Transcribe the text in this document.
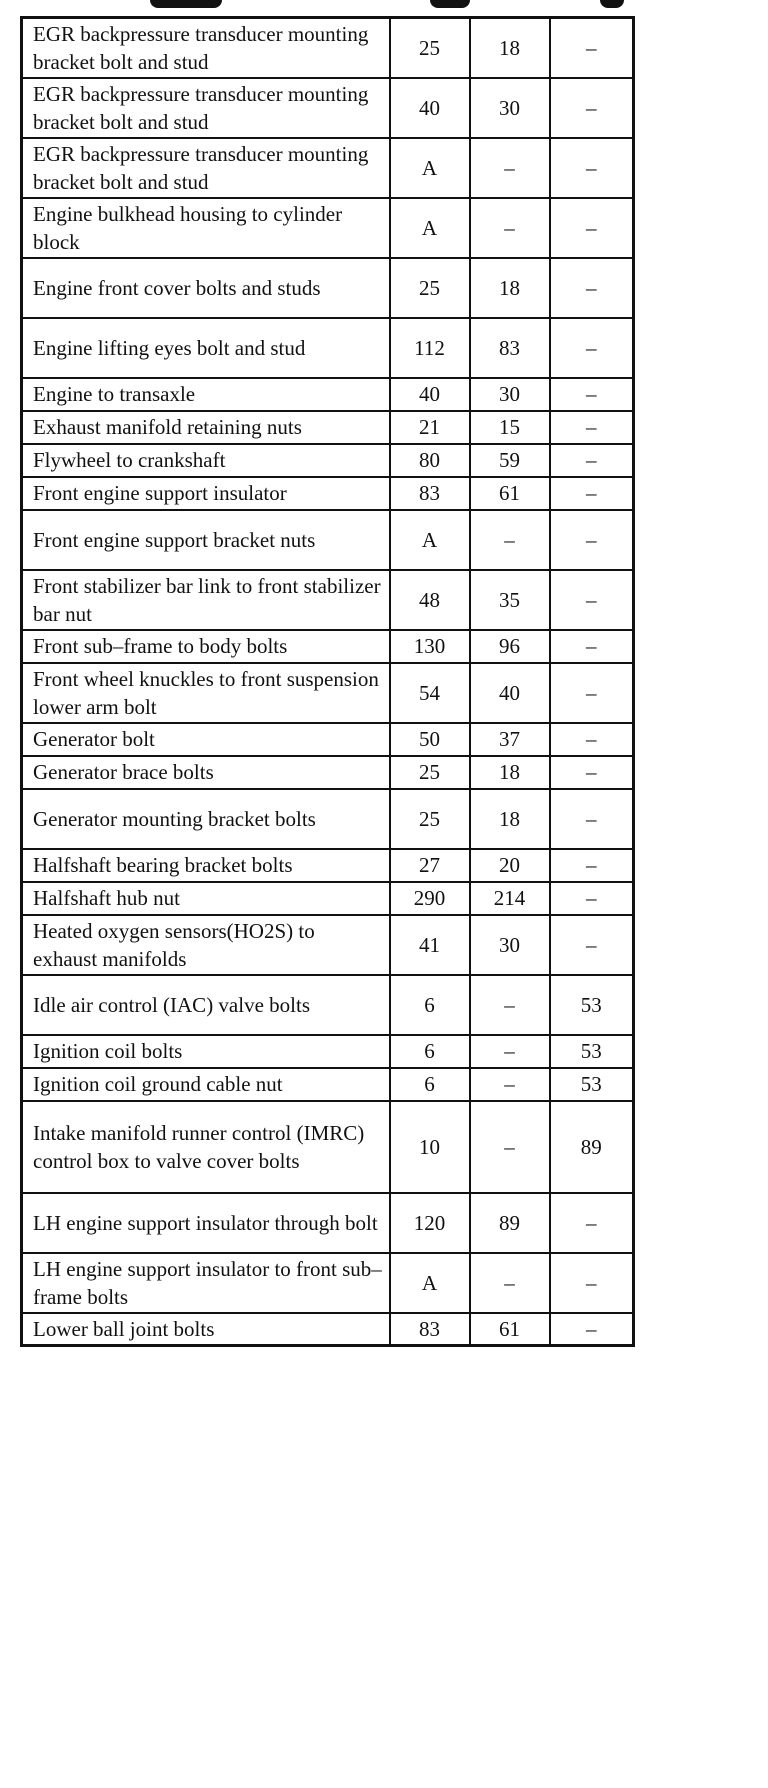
EGR backpressure transducer mounting bracket bolt and stud	25	18	–
EGR backpressure transducer mounting bracket bolt and stud	40	30	–
EGR backpressure transducer mounting bracket bolt and stud	A	–	–
Engine bulkhead housing to cylinder block	A	–	–
Engine front cover bolts and studs	25	18	–
Engine lifting eyes bolt and stud	112	83	–
Engine to transaxle	40	30	–
Exhaust manifold retaining nuts	21	15	–
Flywheel to crankshaft	80	59	–
Front engine support insulator	83	61	–
Front engine support bracket nuts	A	–	–
Front stabilizer bar link to front stabilizer bar nut	48	35	–
Front sub–frame to body bolts	130	96	–
Front wheel knuckles to front suspension lower arm bolt	54	40	–
Generator bolt	50	37	–
Generator brace bolts	25	18	–
Generator mounting bracket bolts	25	18	–
Halfshaft bearing bracket bolts	27	20	–
Halfshaft hub nut	290	214	–
Heated oxygen sensors(HO2S) to exhaust manifolds	41	30	–
Idle air control (IAC) valve bolts	6	–	53
Ignition coil bolts	6	–	53
Ignition coil ground cable nut	6	–	53
Intake manifold runner control (IMRC) control box to valve cover bolts	10	–	89
LH engine support insulator through bolt	120	89	–
LH engine support insulator to front sub–frame bolts	A	–	–
Lower ball joint bolts	83	61	–
